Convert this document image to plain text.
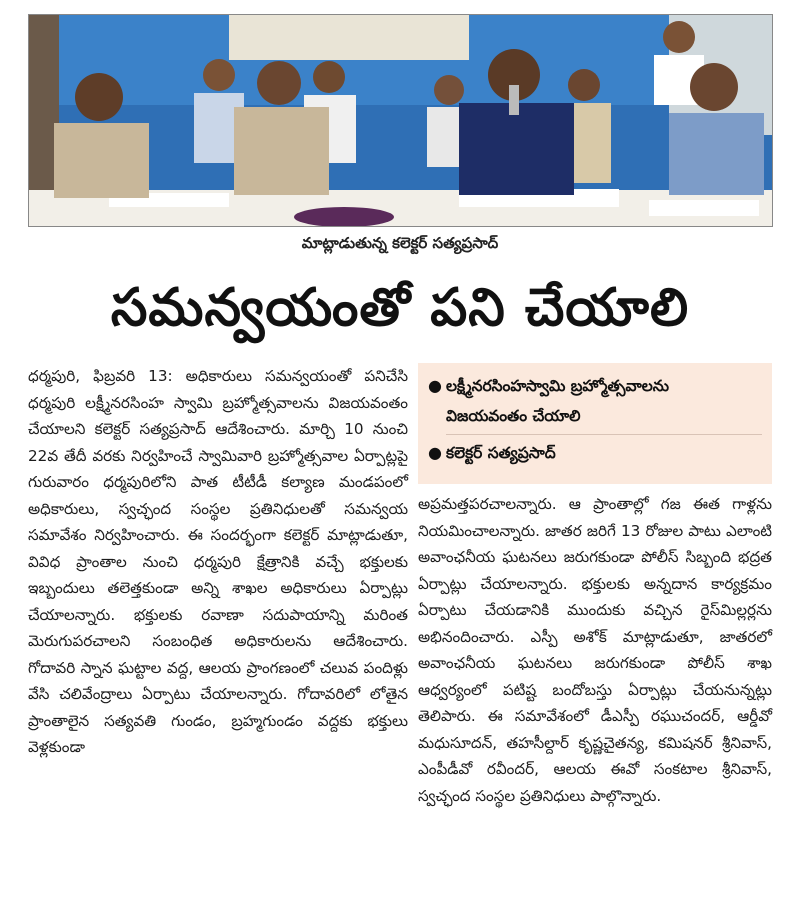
మాట్లాడుతున్న కలెక్టర్ సత్యప్రసాద్
సమన్వయంతో పని చేయాలి

ధర్మపురి, ఫిబ్రవరి 13: అధికారులు సమన్వయంతో పనిచేసి ధర్మపురి లక్ష్మీనరసింహ స్వామి బ్రహ్మోత్సవాలను విజయవంతం చేయాలని కలెక్టర్ సత్యప్రసాద్ ఆదేశించారు. మార్చి 10 నుంచి 22వ తేదీ వరకు నిర్వహించే స్వామివారి బ్రహ్మోత్సవాల ఏర్పాట్లపై గురువారం ధర్మపురిలోని పాత టీటీడీ కల్యాణ మండపంలో అధికారులు, స్వచ్ఛంద సంస్థల ప్రతినిధులతో సమన్వయ సమావేశం నిర్వహించారు. ఈ సందర్భంగా కలెక్టర్ మాట్లాడుతూ, వివిధ ప్రాంతాల నుంచి ధర్మపురి క్షేత్రానికి వచ్చే భక్తులకు ఇబ్బందులు తలెత్తకుండా అన్ని శాఖల అధికారులు ఏర్పాట్లు చేయాలన్నారు. భక్తులకు రవాణా సదుపాయాన్ని మరింత మెరుగుపరచాలని సంబంధిత అధికారులను ఆదేశించారు. గోదావరి స్నాన ఘట్టాల వద్ద, ఆలయ ప్రాంగణంలో చలువ పందిళ్లు వేసి చలివేంద్రాలు ఏర్పాటు చేయాలన్నారు. గోదావరిలో లోతైన ప్రాంతాలైన సత్యవతి గుండం, బ్రహ్మగుండం వద్దకు భక్తులు వెళ్లకుండా

● లక్ష్మీనరసింహస్వామి బ్రహ్మోత్సవాలను
విజయవంతం చేయాలి
● కలెక్టర్ సత్యప్రసాద్

అప్రమత్తపరచాలన్నారు. ఆ ప్రాంతాల్లో గజ ఈత గాళ్లను నియమించాలన్నారు. జాతర జరిగే 13 రోజుల పాటు ఎలాంటి అవాంఛనీయ ఘటనలు జరుగకుండా పోలీస్ సిబ్బంది భద్రత ఏర్పాట్లు చేయాలన్నారు. భక్తులకు అన్నదాన కార్యక్రమం ఏర్పాటు చేయడానికి ముందుకు వచ్చిన రైస్‌మిల్లర్లను అభినందించారు. ఎస్పీ అశోక్ మాట్లాడుతూ, జాతరలో అవాంఛనీయ ఘటనలు జరుగకుండా పోలీస్ శాఖ ఆధ్వర్యంలో పటిష్ట బందోబస్తు ఏర్పాట్లు చేయనున్నట్లు తెలిపారు. ఈ సమావేశంలో డీఎస్పీ రఘుచందర్, ఆర్డీవో మధుసూదన్, తహసీల్దార్ కృష్ణచైతన్య, కమిషనర్ శ్రీనివాస్, ఎంపీడీవో రవీందర్, ఆలయ ఈవో సంకటాల శ్రీనివాస్, స్వచ్ఛంద సంస్థల ప్రతినిధులు పాల్గొన్నారు.
